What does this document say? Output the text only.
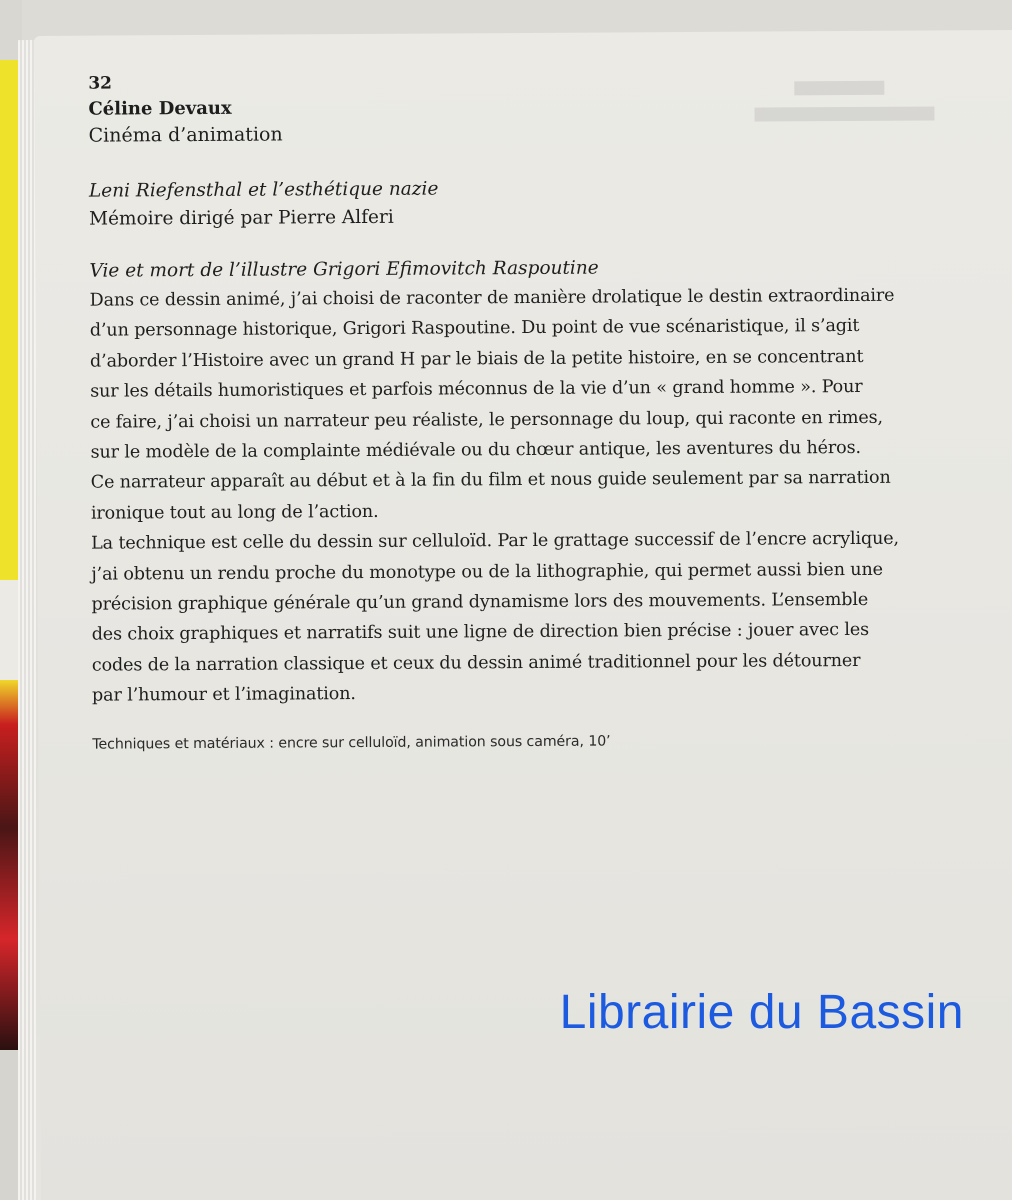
32
Céline Devaux
Cinéma d’animation
Leni Riefensthal et l’esthétique nazie
Mémoire dirigé par Pierre Alferi
Vie et mort de l’illustre Grigori Efimovitch Raspoutine

Dans ce dessin animé, j’ai choisi de raconter de manière drolatique le destin extraordinaire
d’un personnage historique, Grigori Raspoutine. Du point de vue scénaristique, il s’agit
d’aborder l’Histoire avec un grand H par le biais de la petite histoire, en se concentrant
sur les détails humoristiques et parfois méconnus de la vie d’un « grand homme ». Pour
ce faire, j’ai choisi un narrateur peu réaliste, le personnage du loup, qui raconte en rimes,
sur le modèle de la complainte médiévale ou du chœur antique, les aventures du héros.
Ce narrateur apparaît au début et à la fin du film et nous guide seulement par sa narration
ironique tout au long de l’action.

La technique est celle du dessin sur celluloïd. Par le grattage successif de l’encre acrylique,
j’ai obtenu un rendu proche du monotype ou de la lithographie, qui permet aussi bien une
précision graphique générale qu’un grand dynamisme lors des mouvements. L’ensemble
des choix graphiques et narratifs suit une ligne de direction bien précise : jouer avec les
codes de la narration classique et ceux du dessin animé traditionnel pour les détourner
par l’humour et l’imagination.

Techniques et matériaux : encre sur celluloïd, animation sous caméra, 10’
Librairie du Bassin
